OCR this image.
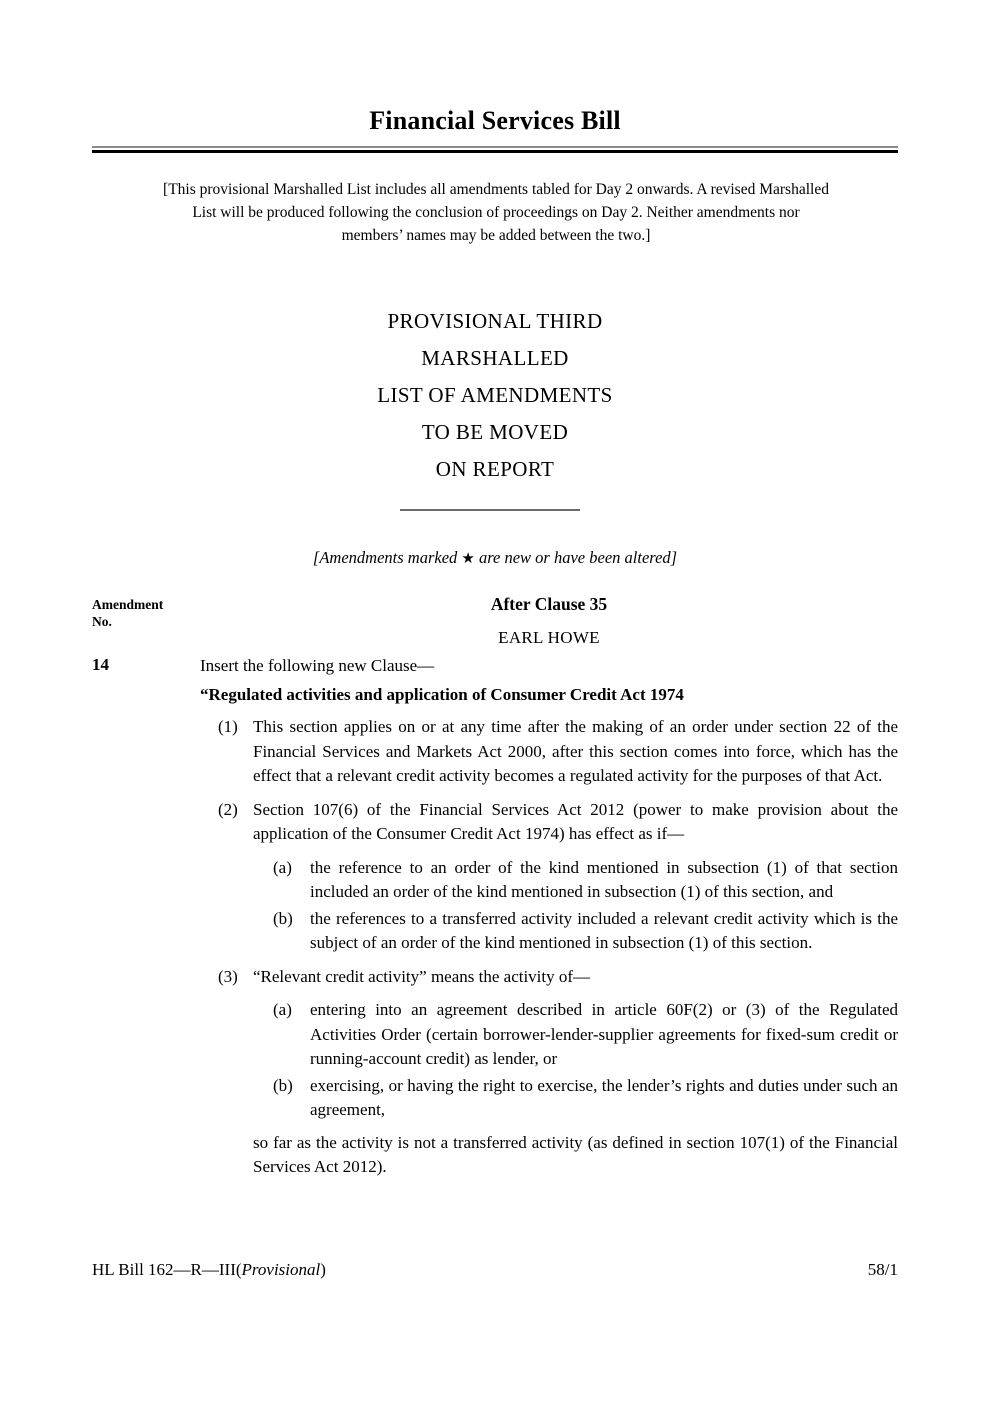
Financial Services Bill
[This provisional Marshalled List includes all amendments tabled for Day 2 onwards. A revised Marshalled List will be produced following the conclusion of proceedings on Day 2. Neither amendments nor members’ names may be added between the two.]
PROVISIONAL THIRD
MARSHALLED
LIST OF AMENDMENTS
TO BE MOVED
ON REPORT
[Amendments marked ★ are new or have been altered]
Amendment
No.
After Clause 35
EARL HOWE
14	Insert the following new Clause—
“Regulated activities and application of Consumer Credit Act 1974
(1) This section applies on or at any time after the making of an order under section 22 of the Financial Services and Markets Act 2000, after this section comes into force, which has the effect that a relevant credit activity becomes a regulated activity for the purposes of that Act.
(2) Section 107(6) of the Financial Services Act 2012 (power to make provision about the application of the Consumer Credit Act 1974) has effect as if—
(a)	the reference to an order of the kind mentioned in subsection (1) of that section included an order of the kind mentioned in subsection (1) of this section, and
(b)	the references to a transferred activity included a relevant credit activity which is the subject of an order of the kind mentioned in subsection (1) of this section.
(3) “Relevant credit activity” means the activity of—
(a)	entering into an agreement described in article 60F(2) or (3) of the Regulated Activities Order (certain borrower-lender-supplier agreements for fixed-sum credit or running-account credit) as lender, or
(b)	exercising, or having the right to exercise, the lender’s rights and duties under such an agreement,
so far as the activity is not a transferred activity (as defined in section 107(1) of the Financial Services Act 2012).
HL Bill 162—R—III(Provisional)	58/1
